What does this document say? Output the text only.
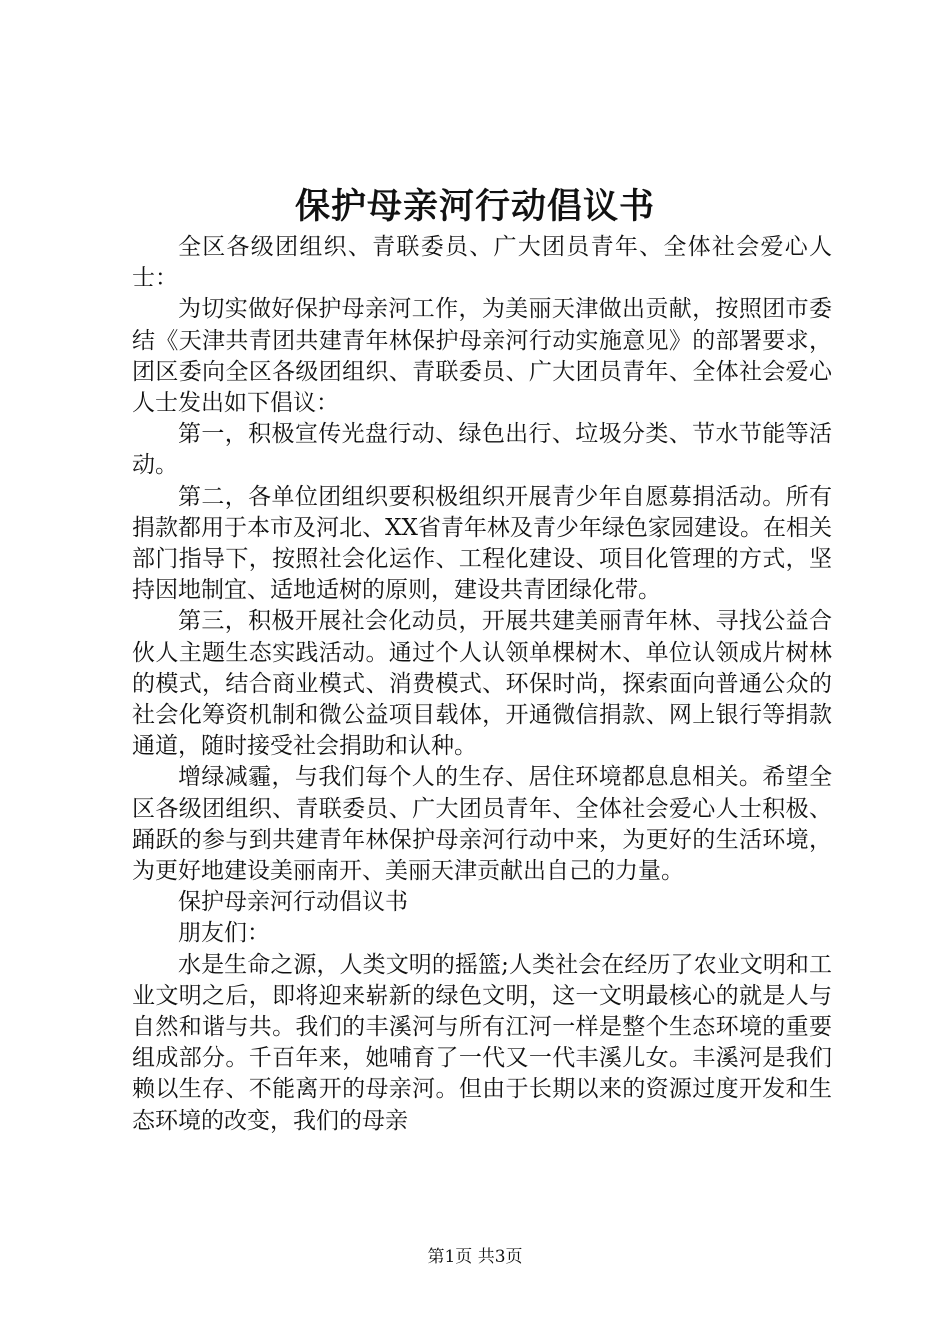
保护母亲河行动倡议书

全区各级团组织、青联委员、广大团员青年、全体社会爱心人士：

为切实做好保护母亲河工作，为美丽天津做出贡献，按照团市委结《天津共青团共建青年林保护母亲河行动实施意见》的部署要求，团区委向全区各级团组织、青联委员、广大团员青年、全体社会爱心人士发出如下倡议：

第一，积极宣传光盘行动、绿色出行、垃圾分类、节水节能等活动。

第二，各单位团组织要积极组织开展青少年自愿募捐活动。所有捐款都用于本市及河北、XX省青年林及青少年绿色家园建设。在相关部门指导下，按照社会化运作、工程化建设、项目化管理的方式，坚持因地制宜、适地适树的原则，建设共青团绿化带。

第三，积极开展社会化动员，开展共建美丽青年林、寻找公益合伙人主题生态实践活动。通过个人认领单棵树木、单位认领成片树林的模式，结合商业模式、消费模式、环保时尚，探索面向普通公众的社会化筹资机制和微公益项目载体，开通微信捐款、网上银行等捐款通道，随时接受社会捐助和认种。

增绿减霾，与我们每个人的生存、居住环境都息息相关。希望全区各级团组织、青联委员、广大团员青年、全体社会爱心人士积极、踊跃的参与到共建青年林保护母亲河行动中来，为更好的生活环境，为更好地建设美丽南开、美丽天津贡献出自己的力量。

保护母亲河行动倡议书

朋友们：

水是生命之源，人类文明的摇篮;人类社会在经历了农业文明和工业文明之后，即将迎来崭新的绿色文明，这一文明最核心的就是人与自然和谐与共。我们的丰溪河与所有江河一样是整个生态环境的重要组成部分。千百年来，她哺育了一代又一代丰溪儿女。丰溪河是我们赖以生存、不能离开的母亲河。但由于长期以来的资源过度开发和生态环境的改变，我们的母亲

第1页 共3页
